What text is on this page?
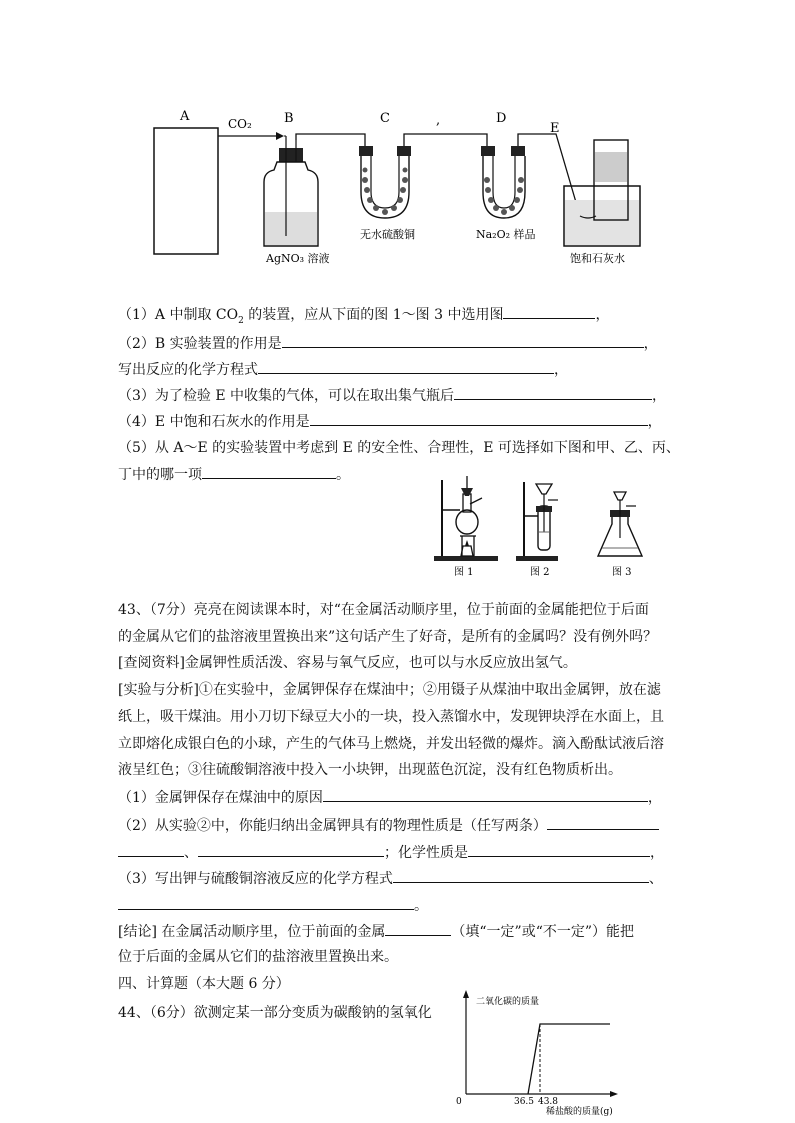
A	CO₂ B	C	,	D
E
AgNO₃ 溶液
无水硫酸铜	Na₂O₂ 样品
饱和石灰水
（1）A 中制取 $CO_2$ 的装置，应从下面的图 1～图 3 中选用图	，
（2）B 实验装置的作用是	，
写出反应的化学方程式	，
（3）为了检验 E 中收集的气体，可以在取出集气瓶后	，
（4）E 中饱和石灰水的作用是	，
（5）从 A～E 的实验装置中考虑到 E 的安全性、合理性，E 可选择如下图和甲、乙、丙、
丁中的哪一项	。
图 1	图 2	图 3
43、（7分）亮亮在阅读课本时，对“在金属活动顺序里，位于前面的金属能把位于后面
的金属从它们的盐溶液里置换出来”这句话产生了好奇，是所有的金属吗？没有例外吗？
[查阅资料]金属钾性质活泼、容易与氧气反应，也可以与水反应放出氢气。
[实验与分析]①在实验中，金属钾保存在煤油中；②用镊子从煤油中取出金属钾，放在滤
纸上，吸干煤油。用小刀切下绿豆大小的一块，投入蒸馏水中，发现钾块浮在水面上，且
立即熔化成银白色的小球，产生的气体马上燃烧，并发出轻微的爆炸。滴入酚酞试液后溶
液呈红色；③往硫酸铜溶液中投入一小块钾，出现蓝色沉淀，没有红色物质析出。
（1）金属钾保存在煤油中的原因	，
（2）从实验②中，你能归纳出金属钾具有的物理性质是（任写两条）
、	；化学性质是	，
（3）写出钾与硫酸铜溶液反应的化学方程式	、
。
[结论] 在金属活动顺序里，位于前面的金属	（填“一定”或“不一定”）能把
位于后面的金属从它们的盐溶液里置换出来。
四、计算题（本大题 6 分）
44、（6分）欲测定某一部分变质为碳酸钠的氢氧化
二氧化碳的质量
0
稀盐酸的质量(g)
36.5 43.8
